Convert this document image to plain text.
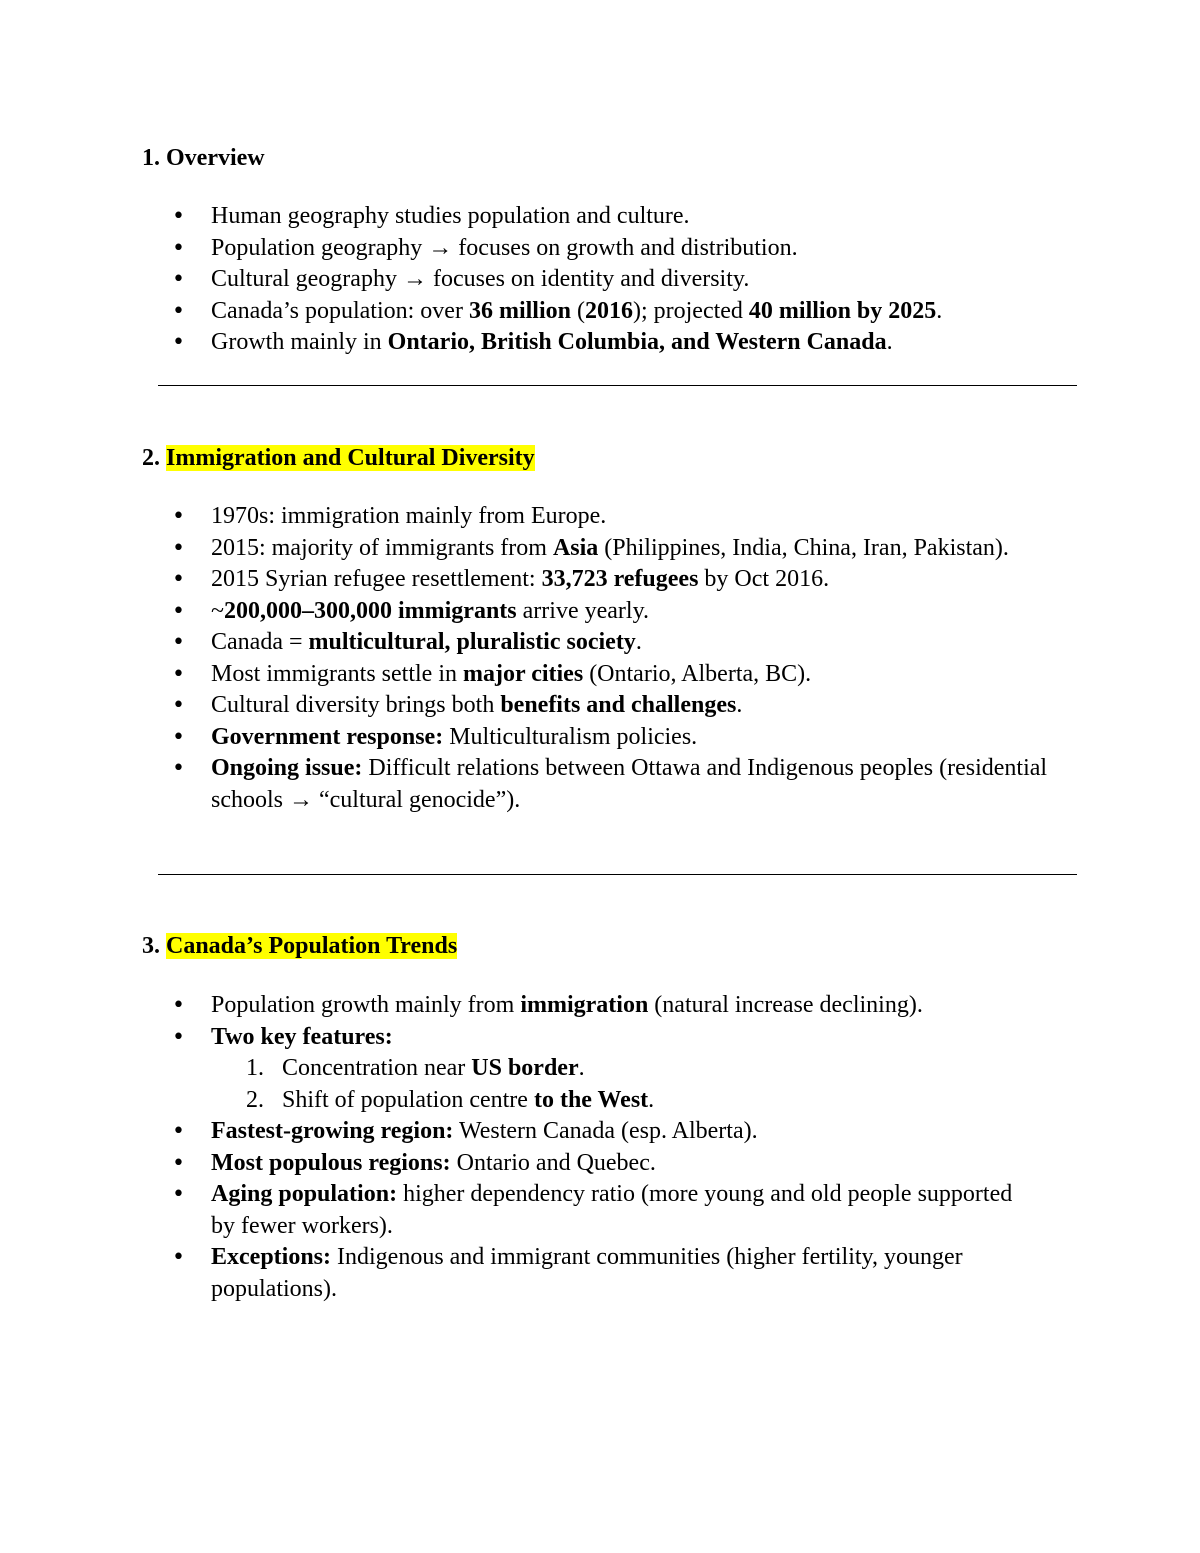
1. Overview
• Human geography studies population and culture.
• Population geography → focuses on growth and distribution.
• Cultural geography → focuses on identity and diversity.
• Canada’s population: over 36 million (2016); projected 40 million by 2025.
• Growth mainly in Ontario, British Columbia, and Western Canada.
2. Immigration and Cultural Diversity
• 1970s: immigration mainly from Europe.
• 2015: majority of immigrants from Asia (Philippines, India, China, Iran, Pakistan).
• 2015 Syrian refugee resettlement: 33,723 refugees by Oct 2016.
• ~200,000–300,000 immigrants arrive yearly.
• Canada = multicultural, pluralistic society.
• Most immigrants settle in major cities (Ontario, Alberta, BC).
• Cultural diversity brings both benefits and challenges.
• Government response: Multiculturalism policies.
• Ongoing issue: Difficult relations between Ottawa and Indigenous peoples (residential schools → “cultural genocide”).
3. Canada’s Population Trends
• Population growth mainly from immigration (natural increase declining).
• Two key features:
1. Concentration near US border.
2. Shift of population centre to the West.
• Fastest-growing region: Western Canada (esp. Alberta).
• Most populous regions: Ontario and Quebec.
• Aging population: higher dependency ratio (more young and old people supported by fewer workers).
• Exceptions: Indigenous and immigrant communities (higher fertility, younger populations).
